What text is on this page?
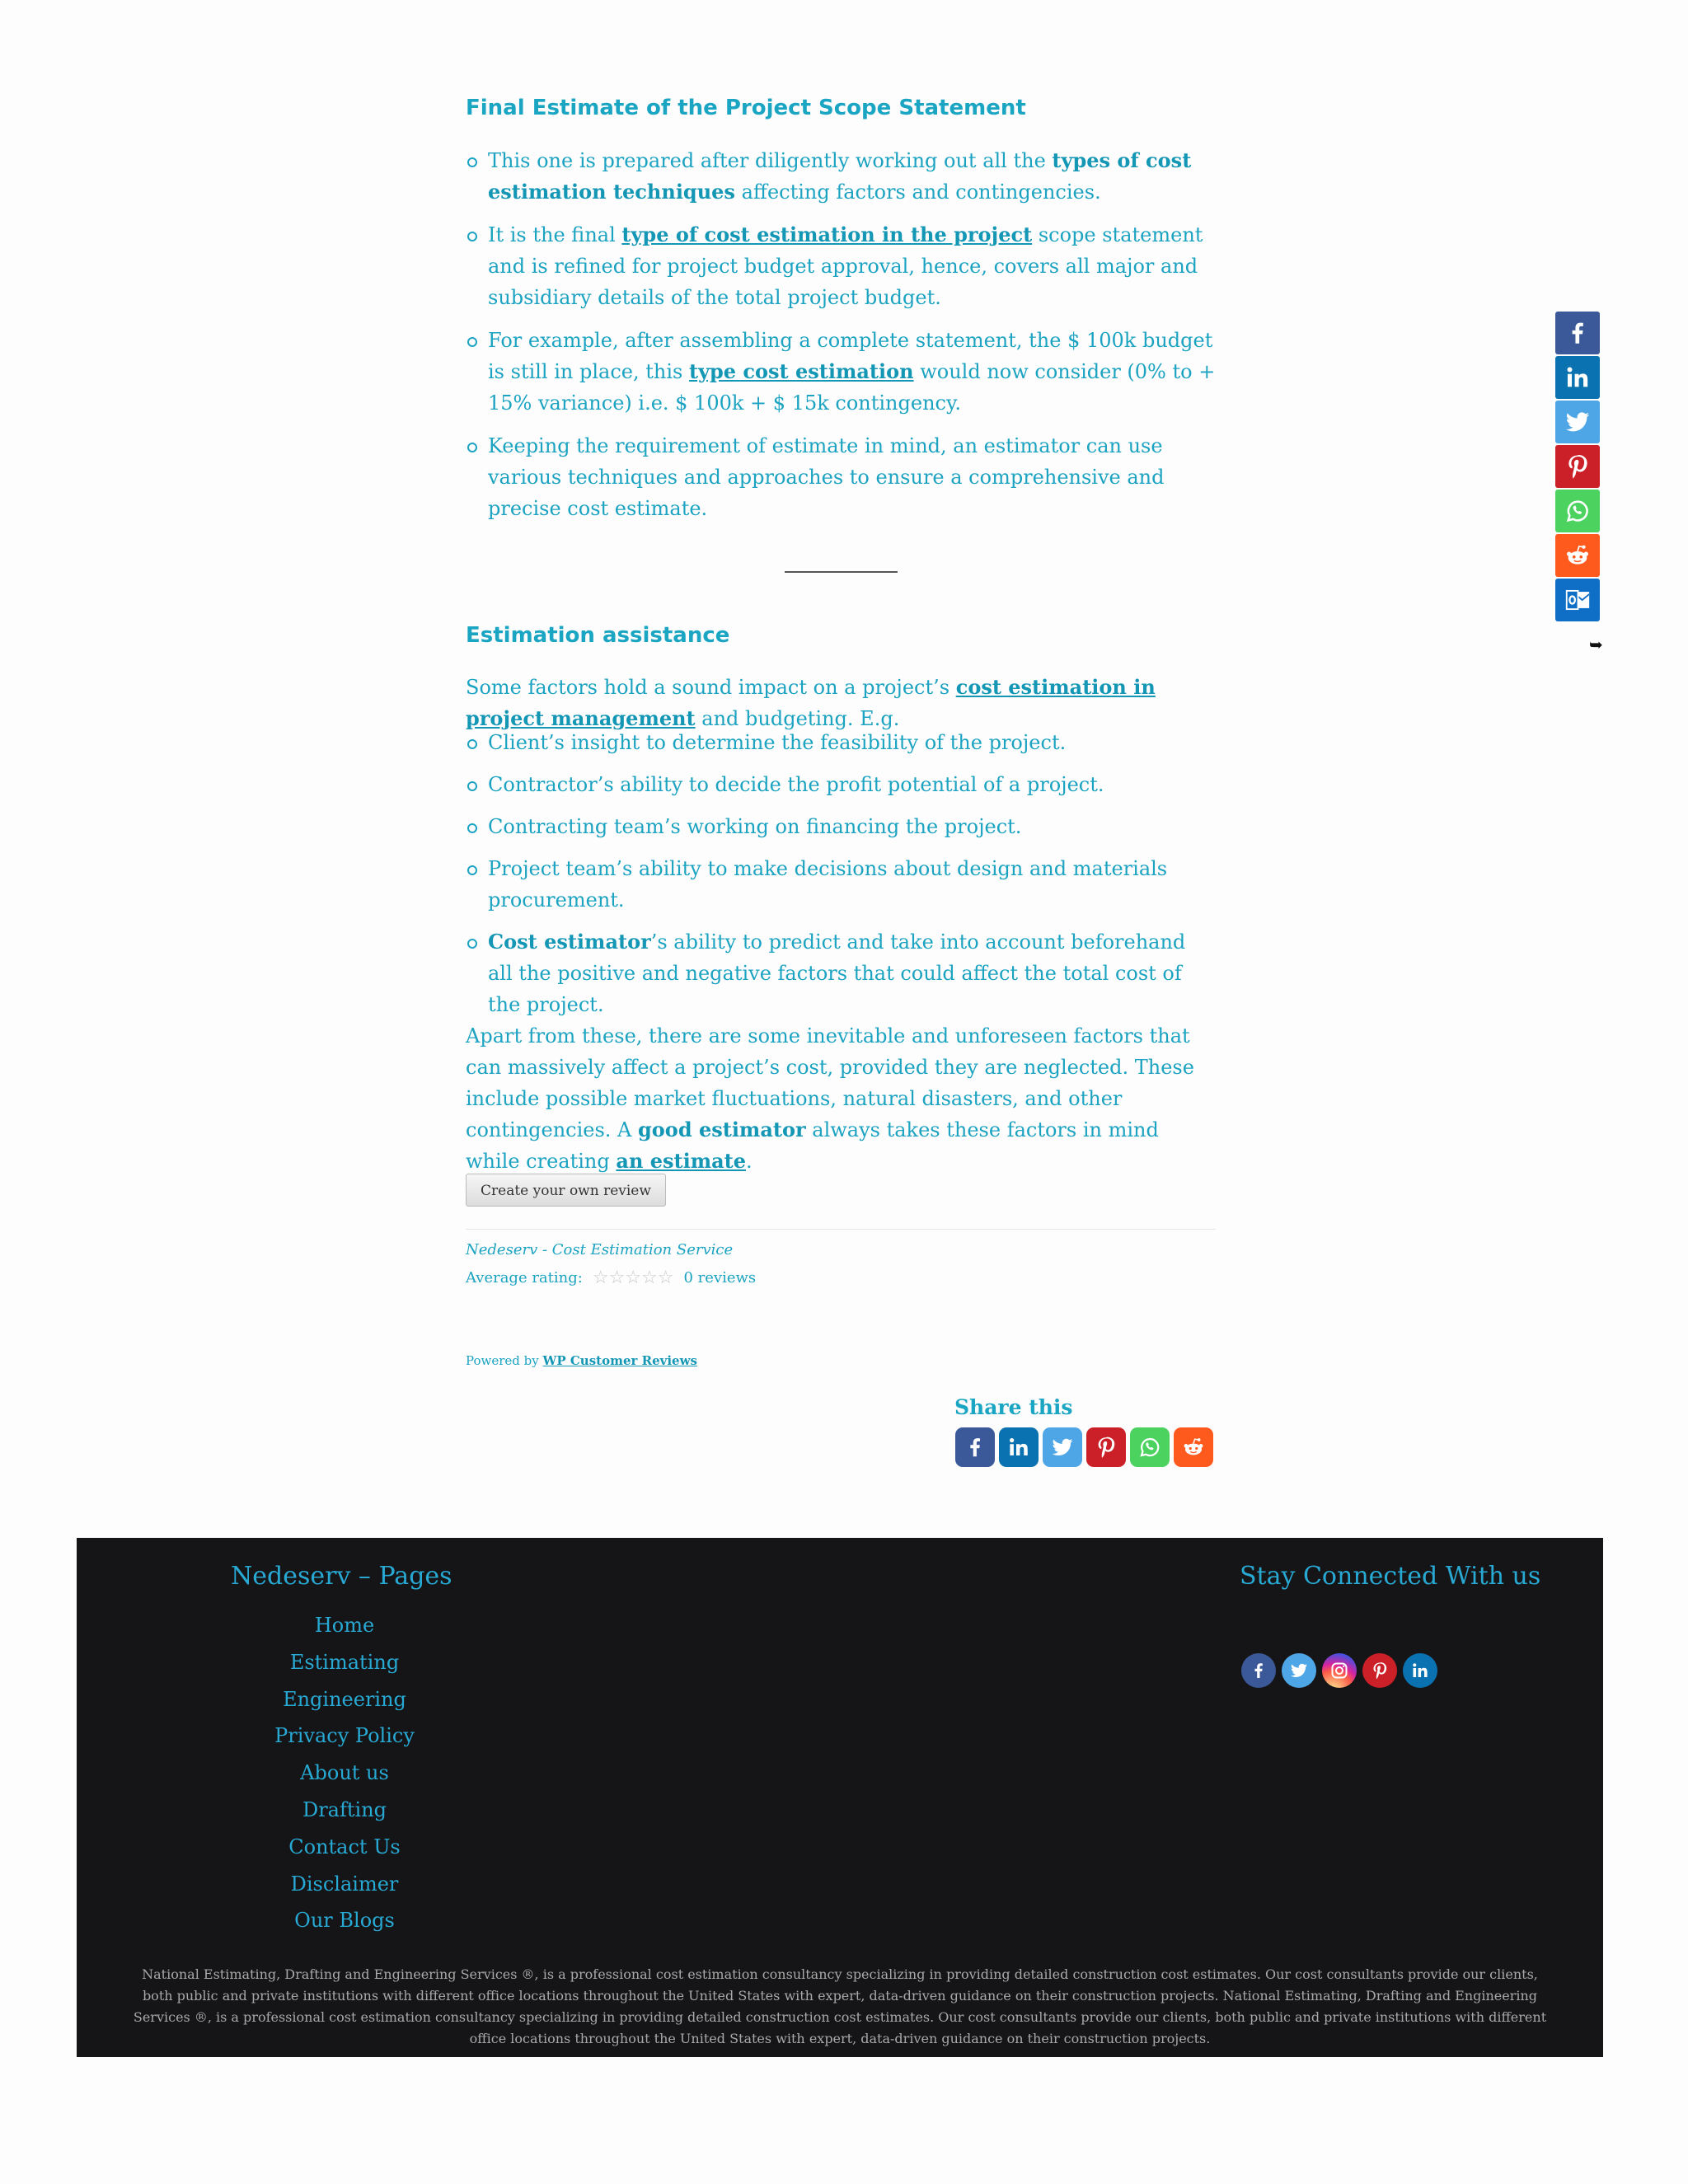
Final Estimate of the Project Scope Statement
This one is prepared after diligently working out all the types of cost estimation techniques affecting factors and contingencies.
It is the final type of cost estimation in the project scope statement and is refined for project budget approval, hence, covers all major and subsidiary details of the total project budget.
For example, after assembling a complete statement, the $ 100k budget is still in place, this type cost estimation would now consider (0% to + 15% variance) i.e. $ 100k + $ 15k contingency.
Keeping the requirement of estimate in mind, an estimator can use various techniques and approaches to ensure a comprehensive and precise cost estimate.
Estimation assistance

Some factors hold a sound impact on a project’s cost estimation in project management and budgeting. E.g.

Client’s insight to determine the feasibility of the project.
Contractor’s ability to decide the profit potential of a project.
Contracting team’s working on financing the project.
Project team’s ability to make decisions about design and materials procurement.
Cost estimator’s ability to predict and take into account beforehand all the positive and negative factors that could affect the total cost of the project.

Apart from these, there are some inevitable and unforeseen factors that can massively affect a project’s cost, provided they are neglected. These include possible market fluctuations, natural disasters, and other contingencies. A good estimator always takes these factors in mind while creating an estimate.

Create your own review
Nedeserv - Cost Estimation Service
Average rating: ☆☆☆☆☆ 0 reviews
Powered by WP Customer Reviews
Share this
➥
Nedeserv – Pages
Home
Estimating
Engineering
Privacy Policy
About us
Drafting
Contact Us
Disclaimer
Our Blogs
Stay Connected With us
National Estimating, Drafting and Engineering Services ®, is a professional cost estimation consultancy specializing in providing detailed construction cost estimates. Our cost consultants provide our clients, both public and private institutions with different office locations throughout the United States with expert, data-driven guidance on their construction projects. National Estimating, Drafting and Engineering Services ®, is a professional cost estimation consultancy specializing in providing detailed construction cost estimates. Our cost consultants provide our clients, both public and private institutions with different office locations throughout the United States with expert, data-driven guidance on their construction projects.
